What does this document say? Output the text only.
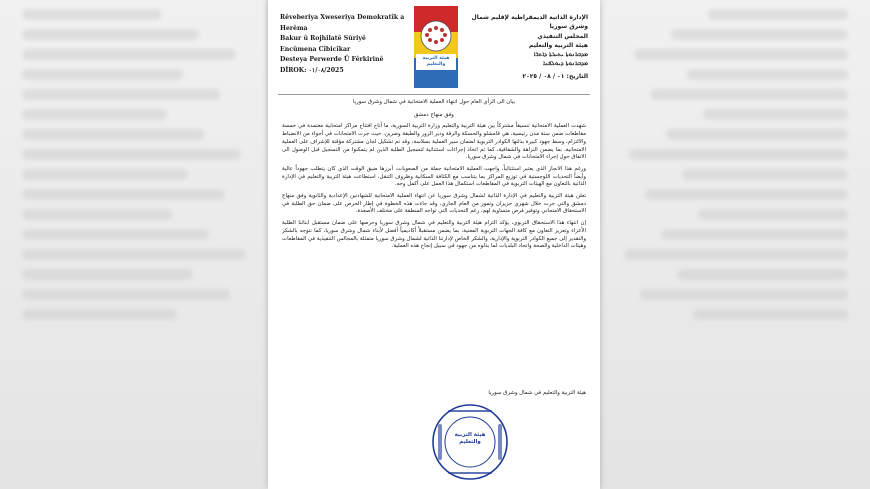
Rêveberiya Xweseriya Demokratîk a Herêma
Bakur û Rojhilatê Sûriyê
Encûmena Cîbicîkar
Desteya Perwerde Û Fêrkirinê
DÎROK: ٠١/٠٨/2025
هيئة التربية والتعليم
الإدارة الذاتية الديمقراطية لإقليم شمال وشرق سوريا
المجلس التنفيذي
هيئة التربية والتعليم
ܡܕܒܪܢܘܬܐ ܝܬܝܪܬܐ ܕܐܬܪܐ
ܡܕܒܪܢܘܬܐ ܕܝܘܠܦܢܐ
التاريخ: ٠١ / ٠٨ / ٢٠٢٥

بيان الى الرأي العام حول انتهاء العملية الامتحانية في شمال وشرق سوريا

وفق منهاج دمشق

شهدت العملية الامتحانية تنسيقاً مشتركاً بين هيئة التربية والتعليم وزارة التربية السورية، ما أتاح افتتاح مراكز امتحانية معتمدة في خمسة مقاطعات ضمن ستة مدن رئيسية، هي قامشلو والحسكة والرقة ودير الزور والطبقة وصرين، حيث جرت الامتحانات في أجواء من الانضباط والالتزام، وسط جهود كبيرة بذلتها الكوادر التربوية لضمان سير العملية بسلاسة، وقد تم تشكيل لجان مشتركة مؤقتة للإشراف على العملية الامتحانية، بما يضمن النزاهة والشفافية، كما تم اتخاذ إجراءات استثنائية لتسجيل الطلبة الذين لم يتمكنوا من التسجيل قبل الوصول الى الاتفاق حول إجراء الامتحانات في شمال وشرق سوريا.

ورغم هذا الانجاز الذي يعتبر استثنائياً، واجهت العملية الامتحانية جملة من الصعوبات، أبرزها ضيق الوقت الذي كان يتطلب جهوداً عالية وأيضاً التحديات اللوجستية في توزيع المراكز بما يتناسب مع الكثافة السكانية وظروف التنقل، استطاعت هيئة التربية والتعليم في الإدارة الذاتية بالتعاون مع الهيئات التربوية في المقاطعات استكمال هذا العمل على أكمل وجه.

تعلن هيئة التربية والتعليم في الإدارة الذاتية لشمال وشرق سوريا عن انتهاء العملية الامتحانية للشهادتين الإعدادية والثانوية وفق منهاج دمشق والتي جرت خلال شهري حزيران وتموز من العام الجاري، وقد جاءت هذه الخطوة في إطار الحرص على ضمان حق الطلبة في الاستحقاق الامتحاني وتوفير فرص متساوية لهم، رغم التحديات التي تواجه المنطقة على مختلف الأصعدة.

إن انتهاء هذا الاستحقاق التربوي، يؤكد التزام هيئة التربية والتعليم في شمال وشرق سوريا وحرصها على ضمان مستقبل ابنائنا الطلبة الأعزاء وتعزيز التعاون مع كافة الجهات التربوية المعنية، بما يضمن مستقبلاً أكاديمياً أفضل لأبناء شمال وشرق سوريا، كما نتوجه بالشكر والتقدير إلى جميع الكوادر التربوية والإدارية، والشكر الخاص لإدارتنا الذاتية لشمال وشرق سوريا متمثلة بالمجالس التنفيذية في المقاطعات وهيئات الداخلية والصحة واتحاد البلديات لما بذلوه من جهود في سبيل إنجاح هذه العملية.

هيئة التربية والتعليم في شمال وشرق سوريا
هيئة التربية والتعليم
